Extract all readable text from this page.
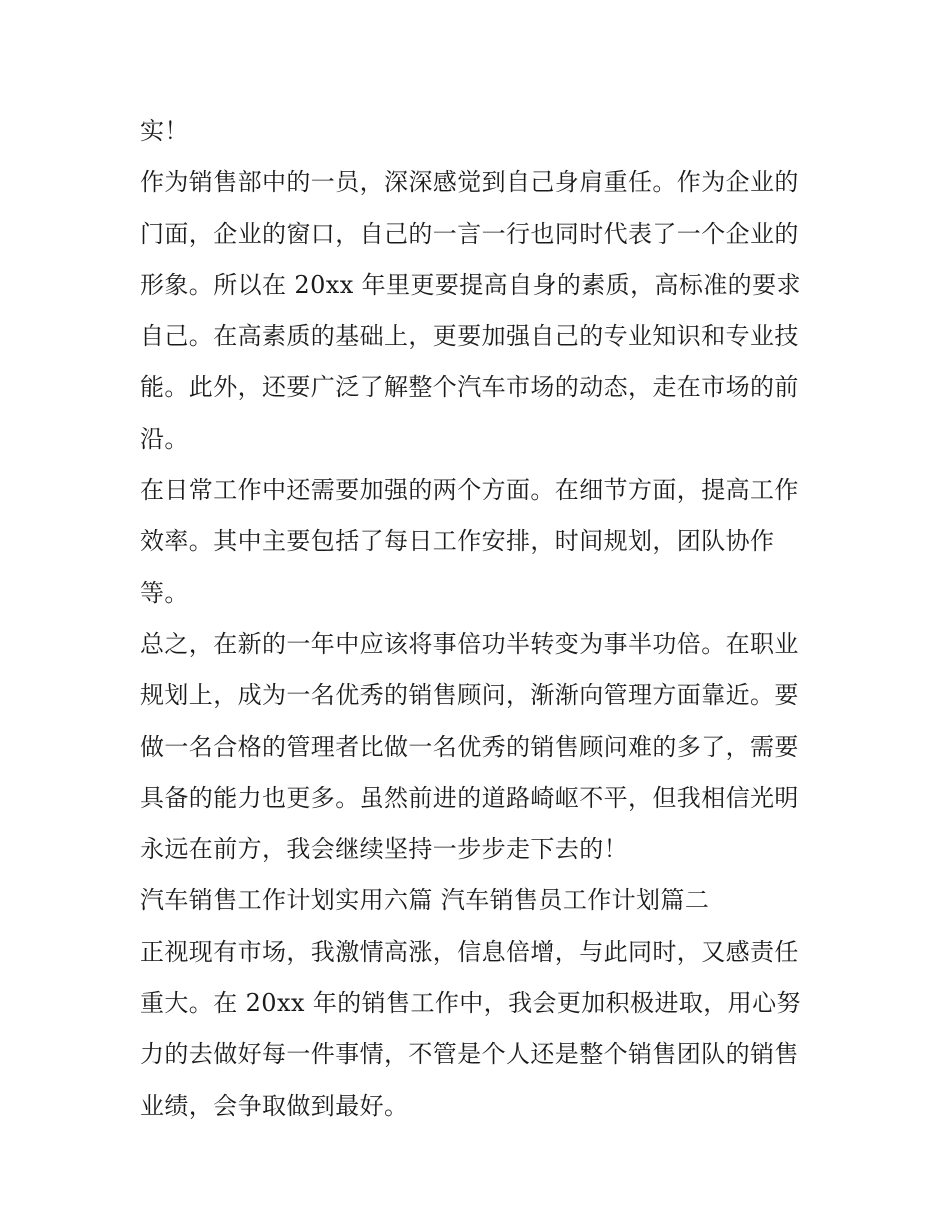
实！
作为销售部中的一员，深深感觉到自己身肩重任。作为企业的
门面，企业的窗口，自己的一言一行也同时代表了一个企业的
形象。所以在 20xx 年里更要提高自身的素质，高标准的要求
自己。在高素质的基础上，更要加强自己的专业知识和专业技
能。此外，还要广泛了解整个汽车市场的动态，走在市场的前
沿。
在日常工作中还需要加强的两个方面。在细节方面，提高工作
效率。其中主要包括了每日工作安排，时间规划，团队协作
等。
总之，在新的一年中应该将事倍功半转变为事半功倍。在职业
规划上，成为一名优秀的销售顾问，渐渐向管理方面靠近。要
做一名合格的管理者比做一名优秀的销售顾问难的多了，需要
具备的能力也更多。虽然前进的道路崎岖不平，但我相信光明
永远在前方，我会继续坚持一步步走下去的！
汽车销售工作计划实用六篇 汽车销售员工作计划篇二
正视现有市场，我激情高涨，信息倍增，与此同时，又感责任
重大。在 20xx 年的销售工作中，我会更加积极进取，用心努
力的去做好每一件事情，不管是个人还是整个销售团队的销售
业绩，会争取做到最好。
